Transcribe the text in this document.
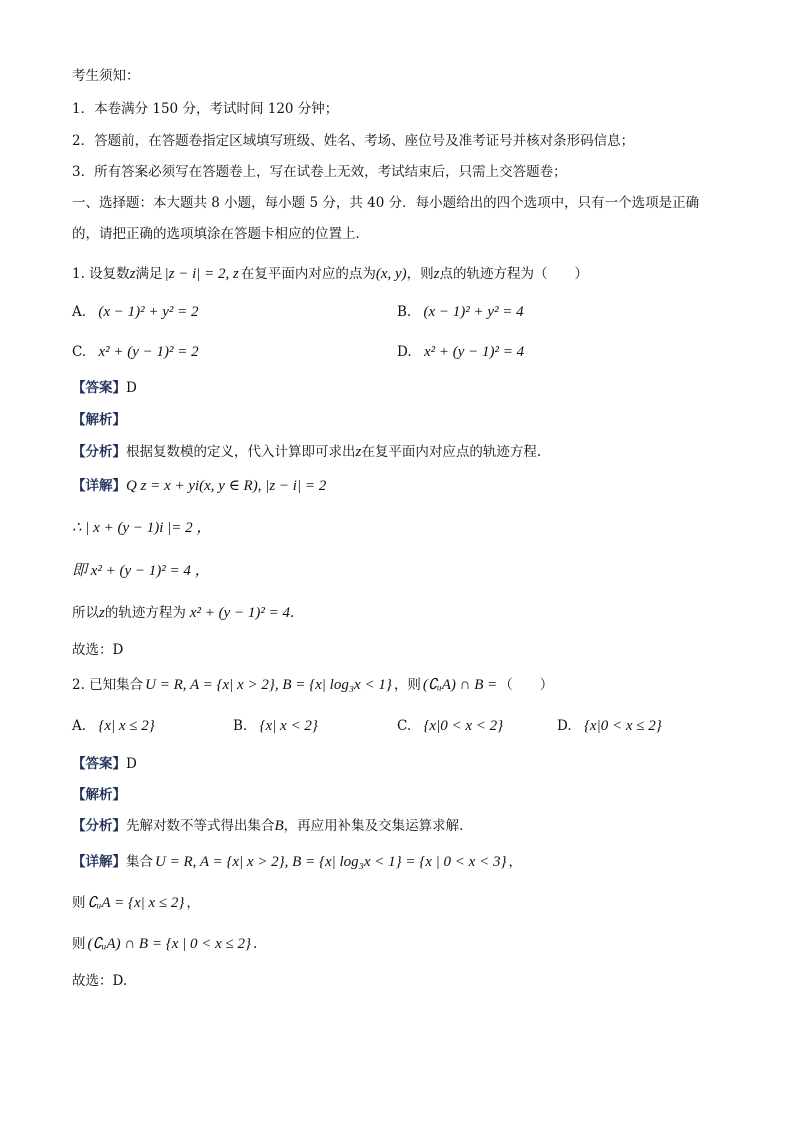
考生须知：
1．本卷满分 150 分，考试时间 120 分钟；
2．答题前，在答题卷指定区域填写班级、姓名、考场、座位号及准考证号并核对条形码信息；
3．所有答案必须写在答题卷上，写在试卷上无效，考试结束后，只需上交答题卷；
一、选择题：本大题共 8 小题，每小题 5 分，共 40 分．每小题给出的四个选项中，只有一个选项是正确
的，请把正确的选项填涂在答题卡相应的位置上．
1. 设复数z满足 |z − i| = 2, z 在复平面内对应的点为(x, y)，则z点的轨迹方程为（　　）
A. (x − 1)² + y² = 2	B. (x − 1)² + y² = 4
C. x² + (y − 1)² = 2	D. x² + (y − 1)² = 4
【答案】D
【解析】
【分析】根据复数模的定义，代入计算即可求出z在复平面内对应点的轨迹方程.
【详解】Q z = x + yi(x, y ∈ R), |z − i| = 2
∴ | x + (y − 1)i |= 2 ，
即 x² + (y − 1)² = 4 ，
所以z的轨迹方程为 x² + (y − 1)² = 4.
故选：D
2. 已知集合 U = R, A = {x| x > 2}, B = {x| log₃x < 1} ，则 (∁ᵤA) ∩ B = （　　）
A. {x| x ≤ 2}	B. {x| x < 2}	C. {x|0 < x < 2}	D. {x|0 < x ≤ 2}
【答案】D
【解析】
【分析】先解对数不等式得出集合B，再应用补集及交集运算求解.
【详解】集合 U = R, A = {x| x > 2}, B = {x| log₃x < 1} = {x | 0 < x < 3} ，
则 ∁ᵤA = {x| x ≤ 2} ，
则 (∁ᵤA) ∩ B = {x | 0 < x ≤ 2} .
故选：D.
